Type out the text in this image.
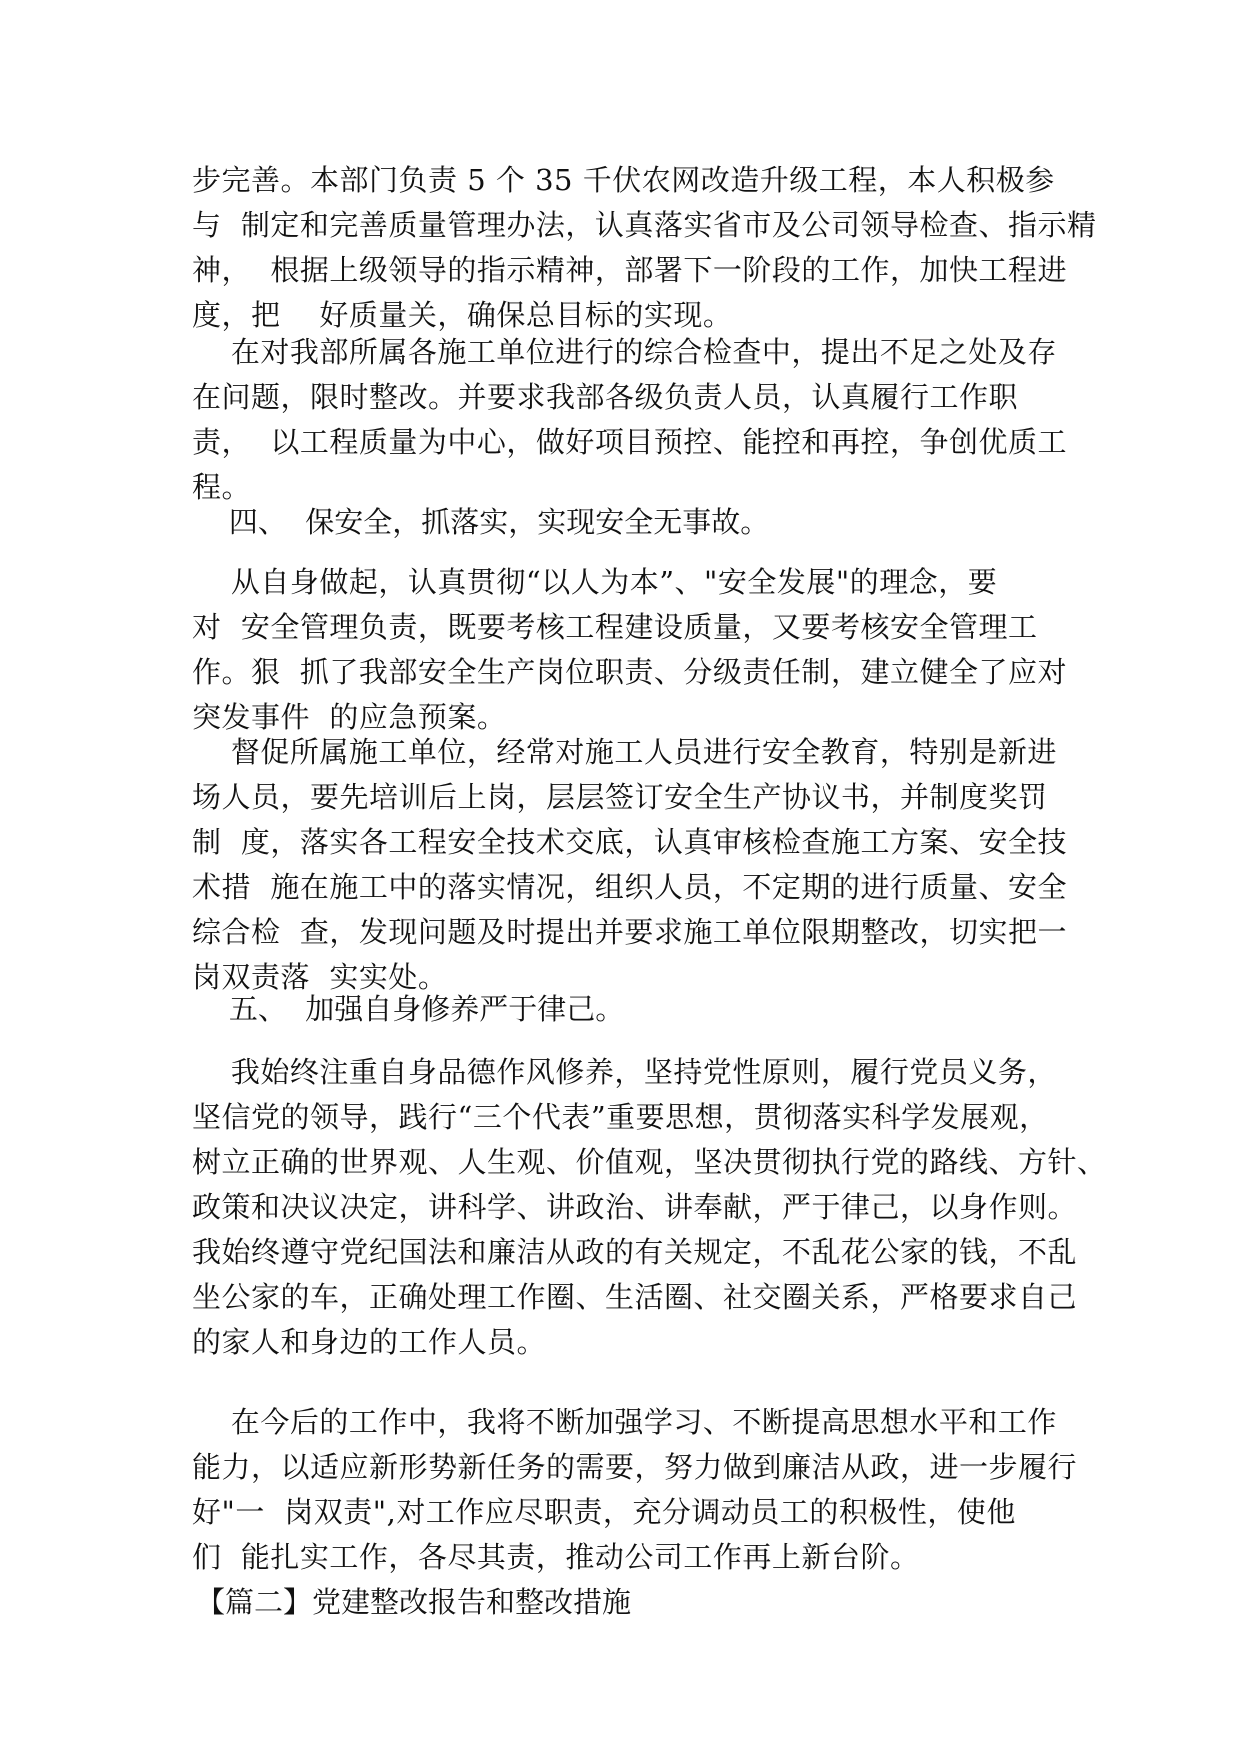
步完善。本部门负责 5 个 35 千伏农网改造升级工程，本人积极参
与  制定和完善质量管理办法，认真落实省市及公司领导检查、指示精
神，  根据上级领导的指示精神，部署下一阶段的工作，加快工程进
度，把    好质量关，确保总目标的实现。
在对我部所属各施工单位进行的综合检查中，提出不足之处及存
在问题，限时整改。并要求我部各级负责人员，认真履行工作职
责，  以工程质量为中心，做好项目预控、能控和再控，争创优质工
程。
四、  保安全，抓落实，实现安全无事故。
从自身做起，认真贯彻“以人为本”、"安全发展"的理念，要
对  安全管理负责，既要考核工程建设质量，又要考核安全管理工
作。狠  抓了我部安全生产岗位职责、分级责任制，建立健全了应对
突发事件  的应急预案。
督促所属施工单位，经常对施工人员进行安全教育，特别是新进
场人员，要先培训后上岗，层层签订安全生产协议书，并制度奖罚
制  度，落实各工程安全技术交底，认真审核检查施工方案、安全技
术措  施在施工中的落实情况，组织人员，不定期的进行质量、安全
综合检  查，发现问题及时提出并要求施工单位限期整改，切实把一
岗双责落  实实处。
五、  加强自身修养严于律己。
我始终注重自身品德作风修养，坚持党性原则，履行党员义务，
坚信党的领导，践行“三个代表”重要思想，贯彻落实科学发展观，
树立正确的世界观、人生观、价值观，坚决贯彻执行党的路线、方针、
政策和决议决定，讲科学、讲政治、讲奉献，严于律己，以身作则。
我始终遵守党纪国法和廉洁从政的有关规定，不乱花公家的钱，不乱
坐公家的车，正确处理工作圈、生活圈、社交圈关系，严格要求自己
的家人和身边的工作人员。
在今后的工作中，我将不断加强学习、不断提高思想水平和工作
能力，以适应新形势新任务的需要，努力做到廉洁从政，进一步履行
好"一  岗双责",对工作应尽职责，充分调动员工的积极性，使他
们  能扎实工作，各尽其责，推动公司工作再上新台阶。
【篇二】党建整改报告和整改措施
